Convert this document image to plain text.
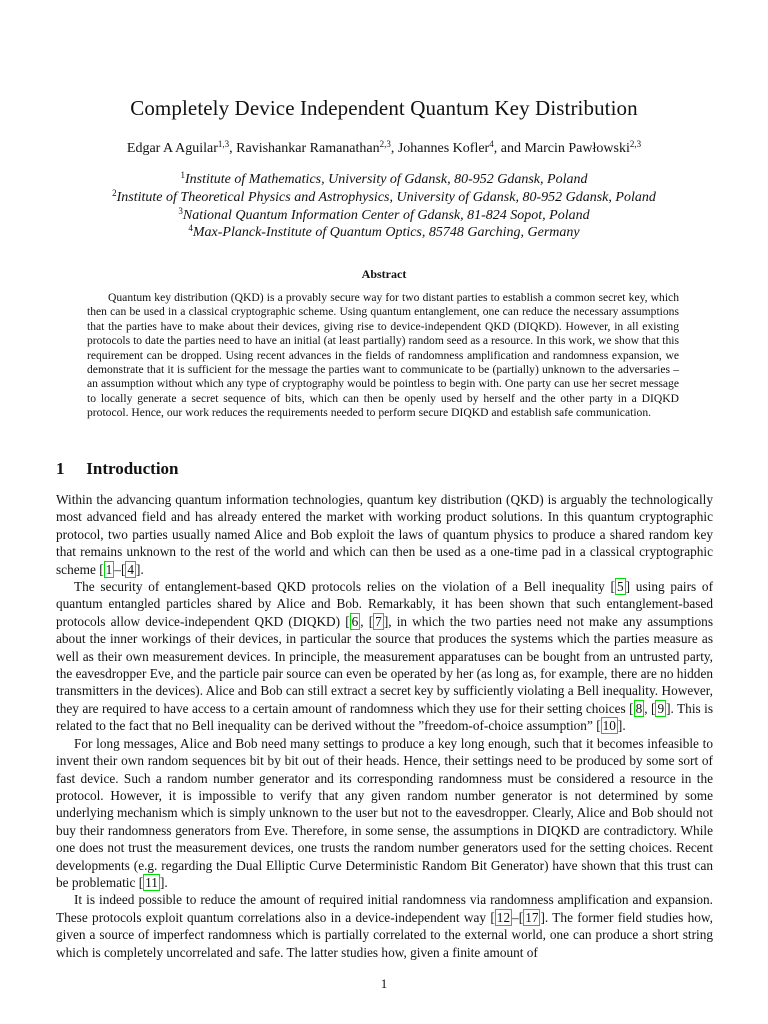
Completely Device Independent Quantum Key Distribution
Edgar A Aguilar$^{1,3}$, Ravishankar Ramanathan$^{2,3}$, Johannes Kofler$^4$, and Marcin Pawłowski$^{2,3}$
$^1$Institute of Mathematics, University of Gdansk, 80-952 Gdansk, Poland
$^2$Institute of Theoretical Physics and Astrophysics, University of Gdansk, 80-952 Gdansk, Poland
$^3$National Quantum Information Center of Gdansk, 81-824 Sopot, Poland
$^4$Max-Planck-Institute of Quantum Optics, 85748 Garching, Germany
Abstract
Quantum key distribution (QKD) is a provably secure way for two distant parties to establish a common secret key, which then can be used in a classical cryptographic scheme. Using quantum entanglement, one can reduce the necessary assumptions that the parties have to make about their devices, giving rise to device-independent QKD (DIQKD). However, in all existing protocols to date the parties need to have an initial (at least partially) random seed as a resource. In this work, we show that this requirement can be dropped. Using recent advances in the fields of randomness amplification and randomness expansion, we demonstrate that it is sufficient for the message the parties want to communicate to be (partially) unknown to the adversaries – an assumption without which any type of cryptography would be pointless to begin with. One party can use her secret message to locally generate a secret sequence of bits, which can then be openly used by herself and the other party in a DIQKD protocol. Hence, our work reduces the requirements needed to perform secure DIQKD and establish safe communication.
1 Introduction

Within the advancing quantum information technologies, quantum key distribution (QKD) is arguably the technologically most advanced field and has already entered the market with working product solutions. In this quantum cryptographic protocol, two parties usually named Alice and Bob exploit the laws of quantum physics to produce a shared random key that remains unknown to the rest of the world and which can then be used as a one-time pad in a classical cryptographic scheme [ 1 –[ 4 ].

The security of entanglement-based QKD protocols relies on the violation of a Bell inequality [ 5 ] using pairs of quantum entangled particles shared by Alice and Bob. Remarkably, it has been shown that such entanglement-based protocols allow device-independent QKD (DIQKD) [ 6 , [ 7 ], in which the two parties need not make any assumptions about the inner workings of their devices, in particular the source that produces the systems which the parties measure as well as their own measurement devices. In principle, the measurement apparatuses can be bought from an untrusted party, the eavesdropper Eve, and the particle pair source can even be operated by her (as long as, for example, there are no hidden transmitters in the devices). Alice and Bob can still extract a secret key by sufficiently violating a Bell inequality. However, they are required to have access to a certain amount of randomness which they use for their setting choices [ 8 , [ 9 ]. This is related to the fact that no Bell inequality can be derived without the ”freedom-of-choice assumption” [ 10 ].

For long messages, Alice and Bob need many settings to produce a key long enough, such that it becomes infeasible to invent their own random sequences bit by bit out of their heads. Hence, their settings need to be produced by some sort of fast device. Such a random number generator and its corresponding randomness must be considered a resource in the protocol. However, it is impossible to verify that any given random number generator is not determined by some underlying mechanism which is simply unknown to the user but not to the eavesdropper. Clearly, Alice and Bob should not buy their randomness generators from Eve. Therefore, in some sense, the assumptions in DIQKD are contradictory. While one does not trust the measurement devices, one trusts the random number generators used for the setting choices. Recent developments (e.g. regarding the Dual Elliptic Curve Deterministic Random Bit Generator) have shown that this trust can be problematic [ 11 ].

It is indeed possible to reduce the amount of required initial randomness via randomness amplification and expansion. These protocols exploit quantum correlations also in a device-independent way [ 12 –[ 17 ]. The former field studies how, given a source of imperfect randomness which is partially correlated to the external world, one can produce a short string which is completely uncorrelated and safe. The latter studies how, given a finite amount of

1
